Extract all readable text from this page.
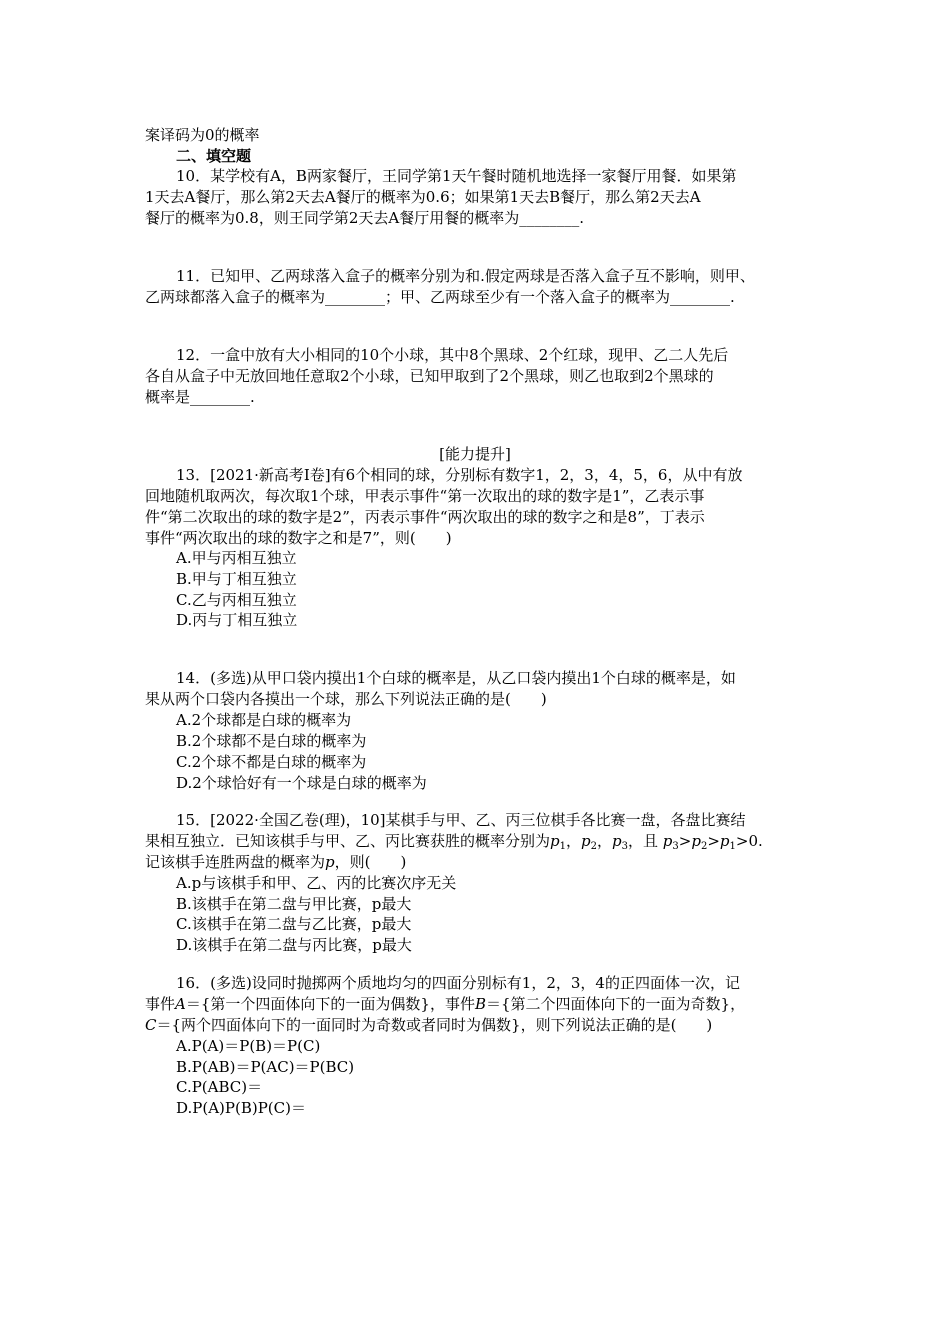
案译码为0的概率
二、填空题
10．某学校有A，B两家餐厅，王同学第1天午餐时随机地选择一家餐厅用餐．如果第
1天去A餐厅，那么第2天去A餐厅的概率为0.6；如果第1天去B餐厅，那么第2天去A
餐厅的概率为0.8，则王同学第2天去A餐厅用餐的概率为________.
11．已知甲、乙两球落入盒子的概率分别为和.假定两球是否落入盒子互不影响，则甲、
乙两球都落入盒子的概率为________；甲、乙两球至少有一个落入盒子的概率为________.
12．一盒中放有大小相同的10个小球，其中8个黑球、2个红球，现甲、乙二人先后
各自从盒子中无放回地任意取2个小球，已知甲取到了2个黑球，则乙也取到2个黑球的
概率是________.
[能力提升]
13．[2021·新高考Ⅰ卷]有6个相同的球，分别标有数字1，2，3，4，5，6，从中有放
回地随机取两次，每次取1个球，甲表示事件“第一次取出的球的数字是1”，乙表示事
件“第二次取出的球的数字是2”，丙表示事件“两次取出的球的数字之和是8”，丁表示
事件“两次取出的球的数字之和是7”，则(　　)
A.甲与丙相互独立
B.甲与丁相互独立
C.乙与丙相互独立
D.丙与丁相互独立
14．(多选)从甲口袋内摸出1个白球的概率是，从乙口袋内摸出1个白球的概率是，如
果从两个口袋内各摸出一个球，那么下列说法正确的是(　　)
A.2个球都是白球的概率为
B.2个球都不是白球的概率为
C.2个球不都是白球的概率为
D.2个球恰好有一个球是白球的概率为
15．[2022·全国乙卷(理)，10]某棋手与甲、乙、丙三位棋手各比赛一盘，各盘比赛结
果相互独立．已知该棋手与甲、乙、丙比赛获胜的概率分别为$p_1$，$p_2$，$p_3$，且 $p_3>p_2>p_1>0$.
记该棋手连胜两盘的概率为p，则(　　)
A.p与该棋手和甲、乙、丙的比赛次序无关
B.该棋手在第二盘与甲比赛，p最大
C.该棋手在第二盘与乙比赛，p最大
D.该棋手在第二盘与丙比赛，p最大
16．(多选)设同时抛掷两个质地均匀的四面分别标有1，2，3，4的正四面体一次，记
事件A＝{第一个四面体向下的一面为偶数}，事件B＝{第二个四面体向下的一面为奇数}，
C＝{两个四面体向下的一面同时为奇数或者同时为偶数}，则下列说法正确的是(　　)
A.P(A)＝P(B)＝P(C)
B.P(AB)＝P(AC)＝P(BC)
C.P(ABC)＝
D.P(A)P(B)P(C)＝
